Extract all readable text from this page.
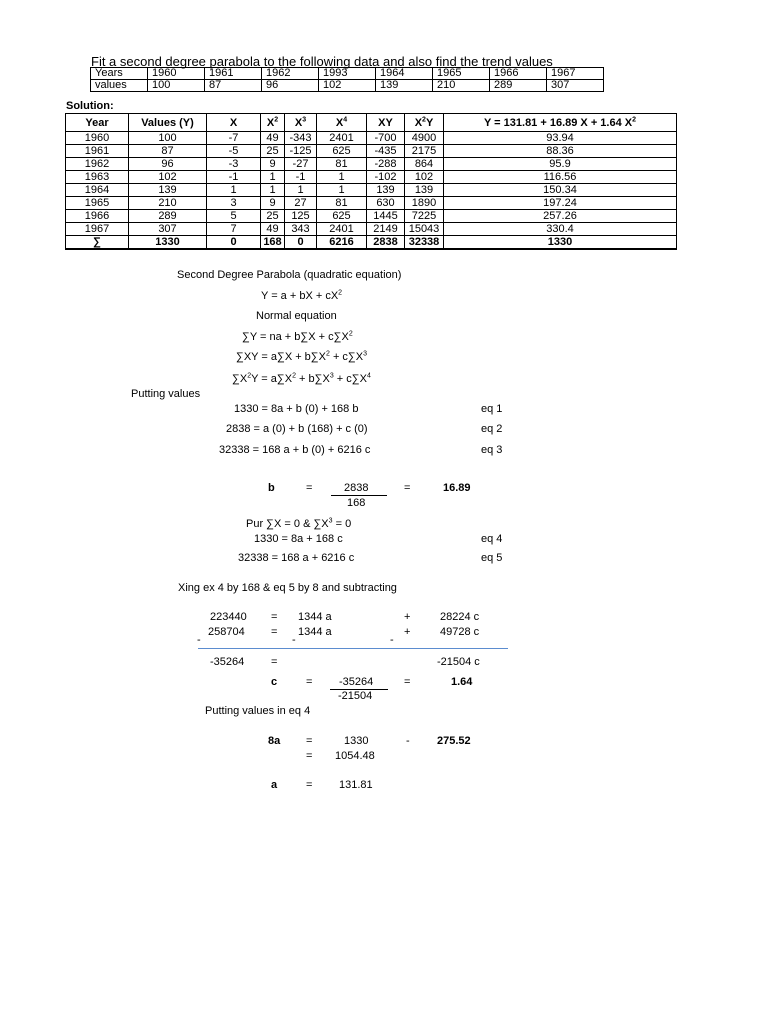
Fit a second degree parabola to the following data and also find the trend values
Years	1960	1961	1962	1993	1964	1965	1966	1967
values	100	87	96	102	139	210	289	307
Solution:
Year	Values (Y)	X	$X^2$	$X^3$	$X^4$	XY	$X^2Y$	Y = 131.81 + 16.89 X + 1.64 $X^2$
1960	100	-7	49	-343	2401	-700	4900	93.94
1961	87	-5	25	-125	625	-435	2175	88.36
1962	96	-3	9	-27	81	-288	864	95.9
1963	102	-1	1	-1	1	-102	102	116.56
1964	139	1	1	1	1	139	139	150.34
1965	210	3	9	27	81	630	1890	197.24
1966	289	5	25	125	625	1445	7225	257.26
1967	307	7	49	343	2401	2149	15043	330.4
∑	1330	0	168	0	6216	2838	32338	1330
Second Degree Parabola (quadratic equation)
Y = a + bX + $cX^2$
Normal equation
∑Y = na + $b\sum X + c\sum X^2$
$\sum XY = a\sum X + b\sum X^2 + c\sum X^3$
$\sum X^2Y = a\sum X^2 + b\sum X^3 + c\sum X^4$
Putting values
1330 = 8a + b (0) + 168 b	eq 1
2838 = a (0) + b (168) + c (0)	eq 2
32338 = 168 a + b (0) + 6216 c	eq 3
b	=	2838
168
=	16.89
Pur ∑X = 0 & $\sum X^3 = 0$
1330 = 8a + 168 c	eq 4
32338 = 168 a + 6216 c	eq 5
Xing ex 4 by 168 & eq 5 by 8 and subtracting
223440 = 1344 a	+	28224 c
258704 = 1344 a	+	49728 c
-	-	-
-35264 =	-21504 c
c	= -35264
-21504
=	1.64
Putting values in eq 4
8a =	1330	- 275.52
= 1054.48
a	= 131.81
